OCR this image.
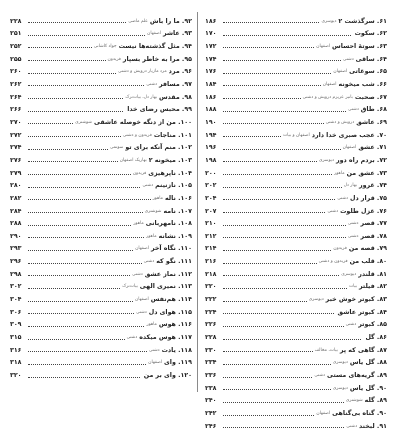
۹۲. ما را باش
علم ماضی
۲۲۸
۹۳. عاشر
اصفهان
۲۵۱
۹۴. مثل گذشته‌ها نیست
جواد کاشانی
۲۵۲
۹۵. مرا به خاطر بسپار
فریدون
۲۵۵
۹۶. مرد
مرد مازیار درویش و دشتی
۲۶۰
۹۷. مسافر
دشتی
۲۶۲
۹۸. مقدس
بهار دل، بیات‌ترک
۲۶۴
۹۹. محبس رضای خدا
۲۶۶
۱۰۰. من از دنگه خوصله عاشقی
شوشتری
۲۷۰
۱۰۱. مناجات
فریدون و دشتی
۲۷۲
۱۰۲. منم آنکه برای تو
سوتمی
۲۷۴
۱۰۳. میخونه ۲
بهاریک اصفهان
۲۷۶
۱۰۴. ناپرهیزی
فریدون
۲۷۹
۱۰۵. نازنینم
دشتی
۲۸۰
۱۰۶. ناله
ماهور
۲۸۲
۱۰۷. نامه
شوشتری
۲۸۴
۱۰۸. نامهربانی
ماهور
۲۸۸
۱۰۹. نشانه
ماهور
۲۹۰
۱۱۰. نگاه آخر
اصفهان
۲۹۳
۱۱۱. نگو که
دشتی
۲۹۶
۱۱۲. نماز عشق
دشتی
۲۹۸
۱۱۳. نمیری الهی
بیات‌ترک
۳۰۲
۱۱۴. هم‌نفس
اصفهان
۳۰۴
۱۱۵. هوای دل
دشتی
۳۰۶
۱۱۶. هوس
ماهور
۳۰۹
۱۱۷. هوس میکده
دشتی
۳۱۵
۱۱۸. یادت
دشتی
۳۱۶
۱۱۹. وای
اصفهان
۳۱۸
۱۲۰. وای بر من
۳۲۰
۶۱. سرگذشت ۲
دیوسری
۱۸۶
۶۲. سکوت
۱۷۰
۶۳. سوتهٔ احساس
اصفهان
۱۷۲
۶۴. ساقی
دشتی
۱۷۴
۶۵. سوغاتی
اصفهان
۱۷۶
۶۶. شب میخونه
اصفهان
۱۸۴
۶۷. صحبت
بانیر عزیزم درویش و دشتی
۱۸۶
۶۸. طاق
دشتی
۱۸۸
۶۹. عاشق
درویش و دشتی
۱۹۰
۷۰. عجب صبری خدا دارد
اصفهان و بیات
۱۹۴
۷۱. عشق
اصفهان
۱۹۶
۷۲. بردم راه دور
دیوسری
۱۹۸
۷۳. عشق من
ماهور
۲۰۰
۷۴. غرور
بهار دل
۲۰۲
۷۵. قرار دل
دشتی
۲۰۴
۷۶. غزل طلوت
دشتی
۲۰۷
۷۷. قصر
دشتی
۲۱۰
۷۸. قصر
دشتی
۲۱۲
۷۹. قصه من
فریدون
۲۱۴
۸۰. قلب من
فریدون و دشتی
۲۱۶
۸۱. قلندر
دیوسری
۲۱۸
۸۲. فیلتر
بیات
۲۲۰
۸۳. کبوتر خوش خبر
دیوسری
۲۲۲
۸۴. کبوتر عاشق
۲۲۴
۸۵. کبوتر
دشتی
۲۲۶
۸۶. گل
۲۲۸
۸۷. گاهی که پر
بیات، مخالف
۲۳۰
۸۸. گل یاس
دیوسری
۲۳۴
۸۹. گریه‌های مستی
دشتی
۲۳۶
۹۰. گل یاس
دیوسری
۲۳۸
۸۹. گله
شوشتری
۲۴۰
۹۰. گناه بی‌گناهی
اصفهان
۲۴۲
۹۱. لبخند
دشتی
۲۴۶
